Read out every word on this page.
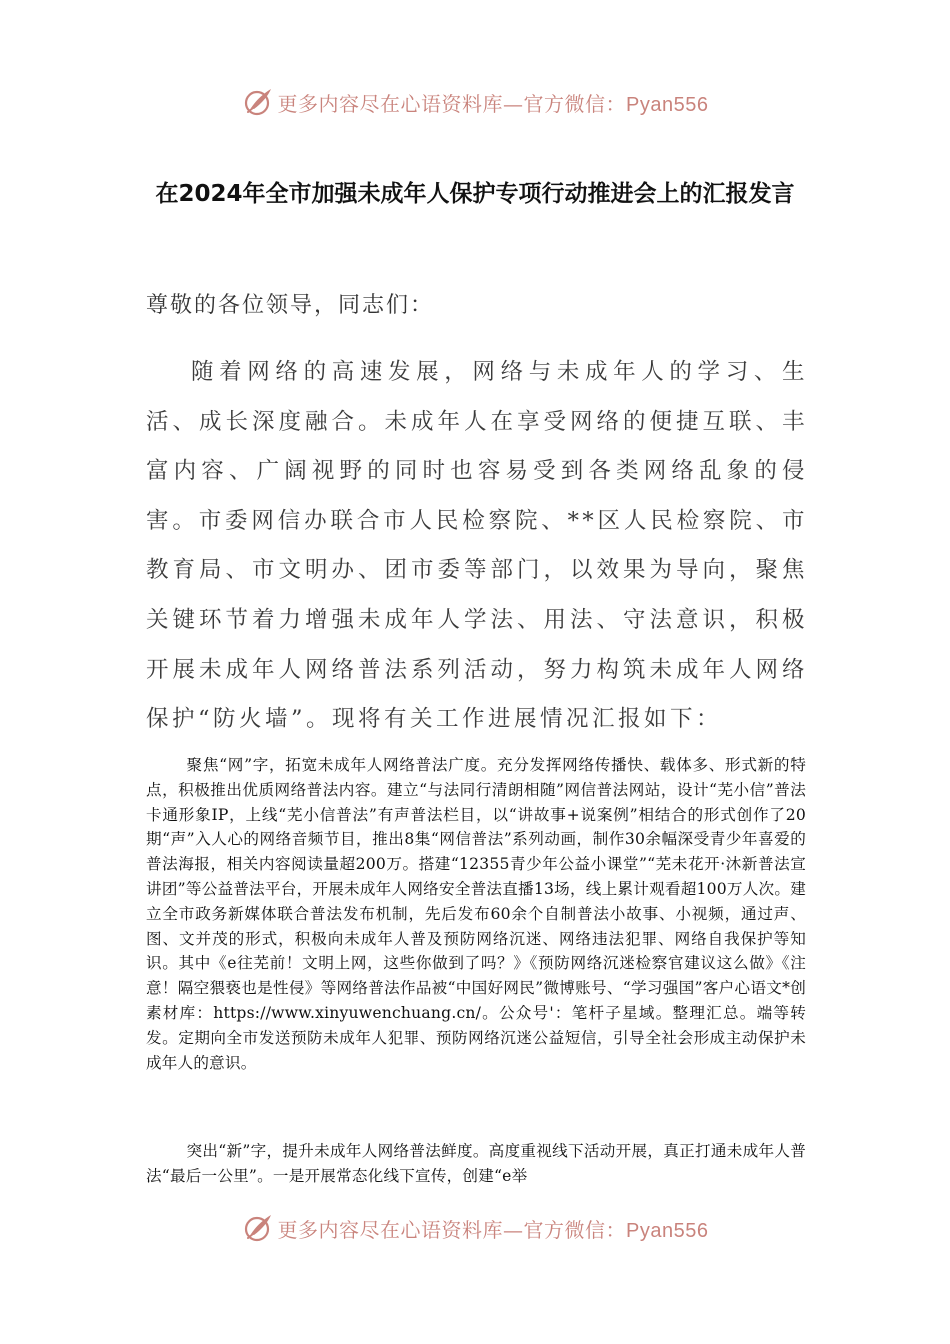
更多内容尽在心语资料库—官方微信：Pyan556
在2024年全市加强未成年人保护专项行动推进会上的汇报发言

尊敬的各位领导，同志们：

随着网络的高速发展，网络与未成年人的学习、生活、成长深度融合。未成年人在享受网络的便捷互联、丰富内容、广阔视野的同时也容易受到各类网络乱象的侵害。市委网信办联合市人民检察院、**区人民检察院、市教育局、市文明办、团市委等部门，以效果为导向，聚焦关键环节着力增强未成年人学法、用法、守法意识，积极开展未成年人网络普法系列活动，努力构筑未成年人网络保护“防火墙”。现将有关工作进展情况汇报如下：

聚焦“网”字，拓宽未成年人网络普法广度。充分发挥网络传播快、载体多、形式新的特点，积极推出优质网络普法内容。建立“与法同行清朗相随”网信普法网站，设计“芜小信”普法卡通形象IP，上线“芜小信普法”有声普法栏目，以“讲故事+说案例”相结合的形式创作了20期“声”入人心的网络音频节目，推出8集“网信普法”系列动画，制作30余幅深受青少年喜爱的普法海报，相关内容阅读量超200万。搭建“12355青少年公益小课堂”“芜未花开·沐新普法宣讲团”等公益普法平台，开展未成年人网络安全普法直播13场，线上累计观看超100万人次。建立全市政务新媒体联合普法发布机制，先后发布60余个自制普法小故事、小视频，通过声、图、文并茂的形式，积极向未成年人普及预防网络沉迷、网络违法犯罪、网络自我保护等知识。其中《e往芜前！文明上网，这些你做到了吗？》《预防网络沉迷检察官建议这么做》《注意！隔空猥亵也是性侵》等网络普法作品被“中国好网民”微博账号、“学习强国”客户心语文*创素材库：https://www.xinyuwenchuang.cn/。公众号'：笔杆子星域。整理汇总。端等转发。定期向全市发送预防未成年人犯罪、预防网络沉迷公益短信，引导全社会形成主动保护未成年人的意识。

突出“新”字，提升未成年人网络普法鲜度。高度重视线下活动开展，真正打通未成年人普法“最后一公里”。一是开展常态化线下宣传，创建“e举

更多内容尽在心语资料库—官方微信：Pyan556
